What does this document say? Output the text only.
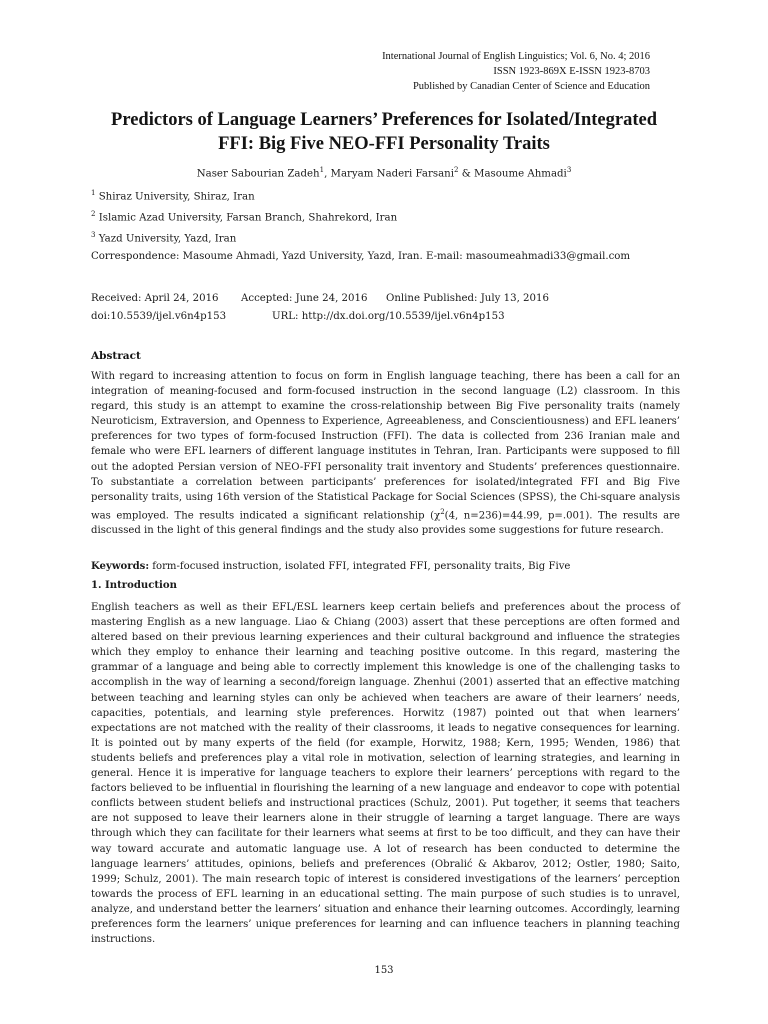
International Journal of English Linguistics; Vol. 6, No. 4; 2016
ISSN 1923-869X E-ISSN 1923-8703
Published by Canadian Center of Science and Education
Predictors of Language Learners’ Preferences for Isolated/Integrated
FFI: Big Five NEO-FFI Personality Traits
Naser Sabourian Zadeh$^1$, Maryam Naderi Farsani$^2$ & Masoume Ahmadi$^3$
$^1$ Shiraz University, Shiraz, Iran
$^2$ Islamic Azad University, Farsan Branch, Shahrekord, Iran
$^3$ Yazd University, Yazd, Iran
Correspondence: Masoume Ahmadi, Yazd University, Yazd, Iran. E-mail: masoumeahmadi33@gmail.com
Received: April 24, 2016 Accepted: June 24, 2016 Online Published: July 13, 2016
doi:10.5539/ijel.v6n4p153	URL: http://dx.doi.org/10.5539/ijel.v6n4p153
Abstract
With regard to increasing attention to focus on form in English language teaching, there has been a call for an integration of meaning-focused and form-focused instruction in the second language (L2) classroom. In this regard, this study is an attempt to examine the cross-relationship between Big Five personality traits (namely Neuroticism, Extraversion, and Openness to Experience, Agreeableness, and Conscientiousness) and EFL leaners’ preferences for two types of form-focused Instruction (FFI). The data is collected from 236 Iranian male and female who were EFL learners of different language institutes in Tehran, Iran. Participants were supposed to fill out the adopted Persian version of NEO-FFI personality trait inventory and Students’ preferences questionnaire. To substantiate a correlation between participants’ preferences for isolated/integrated FFI and Big Five personality traits, using 16th version of the Statistical Package for Social Sciences (SPSS), the Chi-square analysis was employed. The results indicated a significant relationship ($\chi^2(4$, n=236)=44.99, p=.001). The results are discussed in the light of this general findings and the study also provides some suggestions for future research.
Keywords: form-focused instruction, isolated FFI, integrated FFI, personality traits, Big Five
1. Introduction
English teachers as well as their EFL/ESL learners keep certain beliefs and preferences about the process of mastering English as a new language. Liao & Chiang (2003) assert that these perceptions are often formed and altered based on their previous learning experiences and their cultural background and influence the strategies which they employ to enhance their learning and teaching positive outcome. In this regard, mastering the grammar of a language and being able to correctly implement this knowledge is one of the challenging tasks to accomplish in the way of learning a second/foreign language. Zhenhui (2001) asserted that an effective matching between teaching and learning styles can only be achieved when teachers are aware of their learners’ needs, capacities, potentials, and learning style preferences. Horwitz (1987) pointed out that when learners’ expectations are not matched with the reality of their classrooms, it leads to negative consequences for learning. It is pointed out by many experts of the field (for example, Horwitz, 1988; Kern, 1995; Wenden, 1986) that students beliefs and preferences play a vital role in motivation, selection of learning strategies, and learning in general. Hence it is imperative for language teachers to explore their learners’ perceptions with regard to the factors believed to be influential in flourishing the learning of a new language and endeavor to cope with potential conflicts between student beliefs and instructional practices (Schulz, 2001). Put together, it seems that teachers are not supposed to leave their learners alone in their struggle of learning a target language. There are ways through which they can facilitate for their learners what seems at first to be too difficult, and they can have their way toward accurate and automatic language use. A lot of research has been conducted to determine the language learners’ attitudes, opinions, beliefs and preferences (Obralić & Akbarov, 2012; Ostler, 1980; Saito, 1999; Schulz, 2001). The main research topic of interest is considered investigations of the learners’ perception towards the process of EFL learning in an educational setting. The main purpose of such studies is to unravel, analyze, and understand better the learners’ situation and enhance their learning outcomes. Accordingly, learning preferences form the learners’ unique preferences for learning and can influence teachers in planning teaching instructions.
153
